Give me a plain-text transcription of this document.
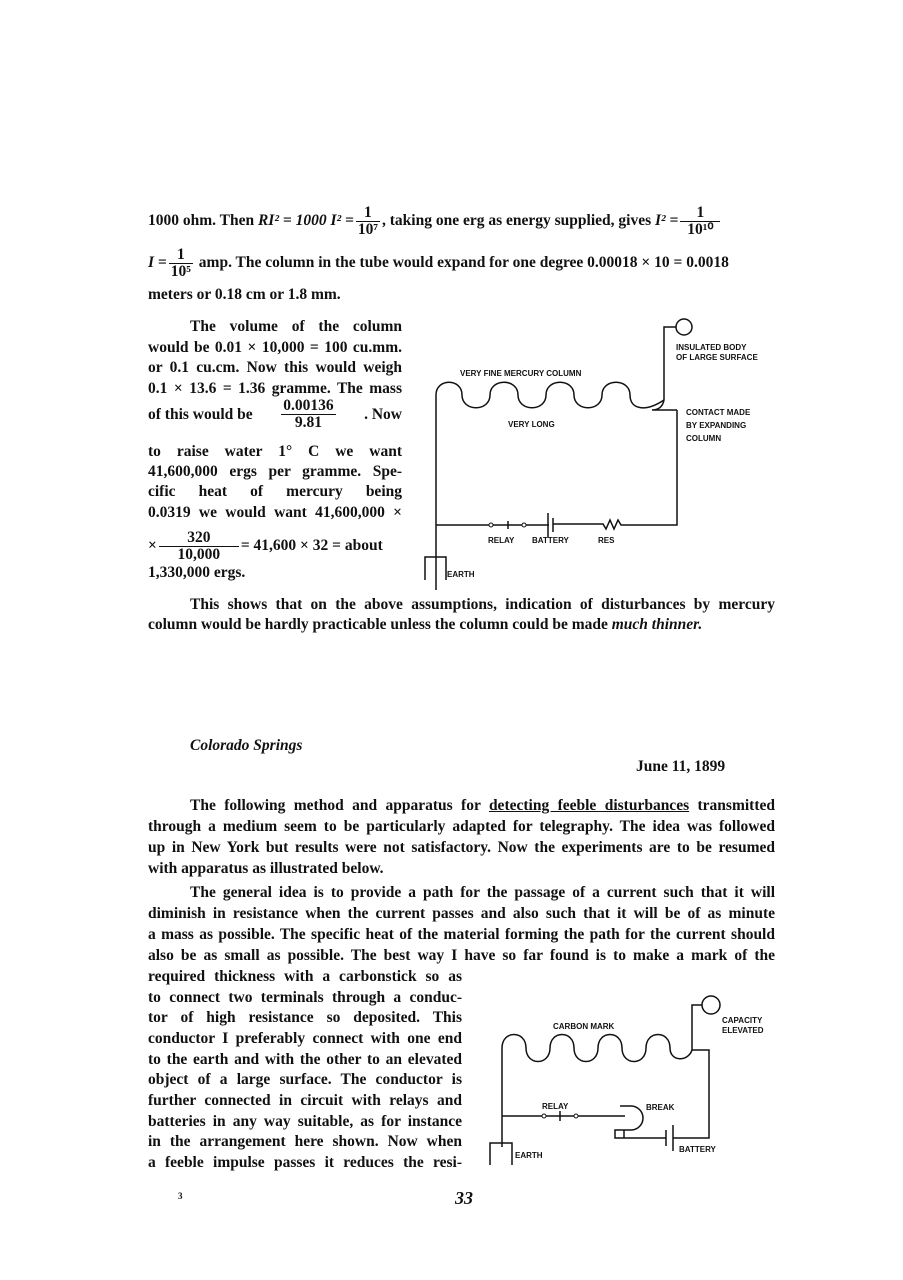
1000 ohm. Then RI² = 1000 $I^2 = \frac{1}{\text{10⁷}}$ , taking one erg as energy supplied, gives $I^2 = \frac{1}{\text{10¹⁰}}$
$I = \frac{1}{\text{10⁵}}$ amp. The column in the tube would expand for one degree 0.00018 × 10 = 0.0018
meters or 0.18 cm or 1.8 mm.
The volume of the column
would be 0.01 × 10,000 = 100 cu.mm.
or 0.1 cu.cm. Now this would weigh
0.1 × 13.6 = 1.36 gramme. The mass
of this would be $\frac{0.00136}{9.81}$ . Now
to raise water 1° C we want
41,600,000 ergs per gramme. Spe-
cific heat of mercury being
0.0319 we would want 41,600,000 ×
× $\frac{320}{10,000} = 41,600 \times 32$ = about
1,330,000 ergs.
INSULATED BODY
OF LARGE SURFACE
VERY FINE MERCURY COLUMN
VERY LONG
CONTACT MADE
BY EXPANDING
COLUMN
RELAY BATTERY	RES
EARTH
CAPACITY
ELEVATED
CARBON MARK
RELAY	BREAK
BATTERY
EARTH
This shows that on the above assumptions, indication of disturbances by mercury
column would be hardly practicable unless the column could be made much thinner.
Colorado Springs
June 11, 1899
The following method and apparatus for detecting feeble disturbances transmitted
through a medium seem to be particularly adapted for telegraphy. The idea was followed
up in New York but results were not satisfactory. Now the experiments are to be resumed
with apparatus as illustrated below.
The general idea is to provide a path for the passage of a current such that it will
diminish in resistance when the current passes and also such that it will be of as minute
a mass as possible. The specific heat of the material forming the path for the current should
also be as small as possible. The best way I have so far found is to make a mark of the
required thickness with a carbonstick so as
to connect two terminals through a conduc-
tor of high resistance so deposited. This
conductor I preferably connect with one end
to the earth and with the other to an elevated
object of a large surface. The conductor is
further connected in circuit with relays and
batteries in any way suitable, as for instance
in the arrangement here shown. Now when
a feeble impulse passes it reduces the resi-
3	33
